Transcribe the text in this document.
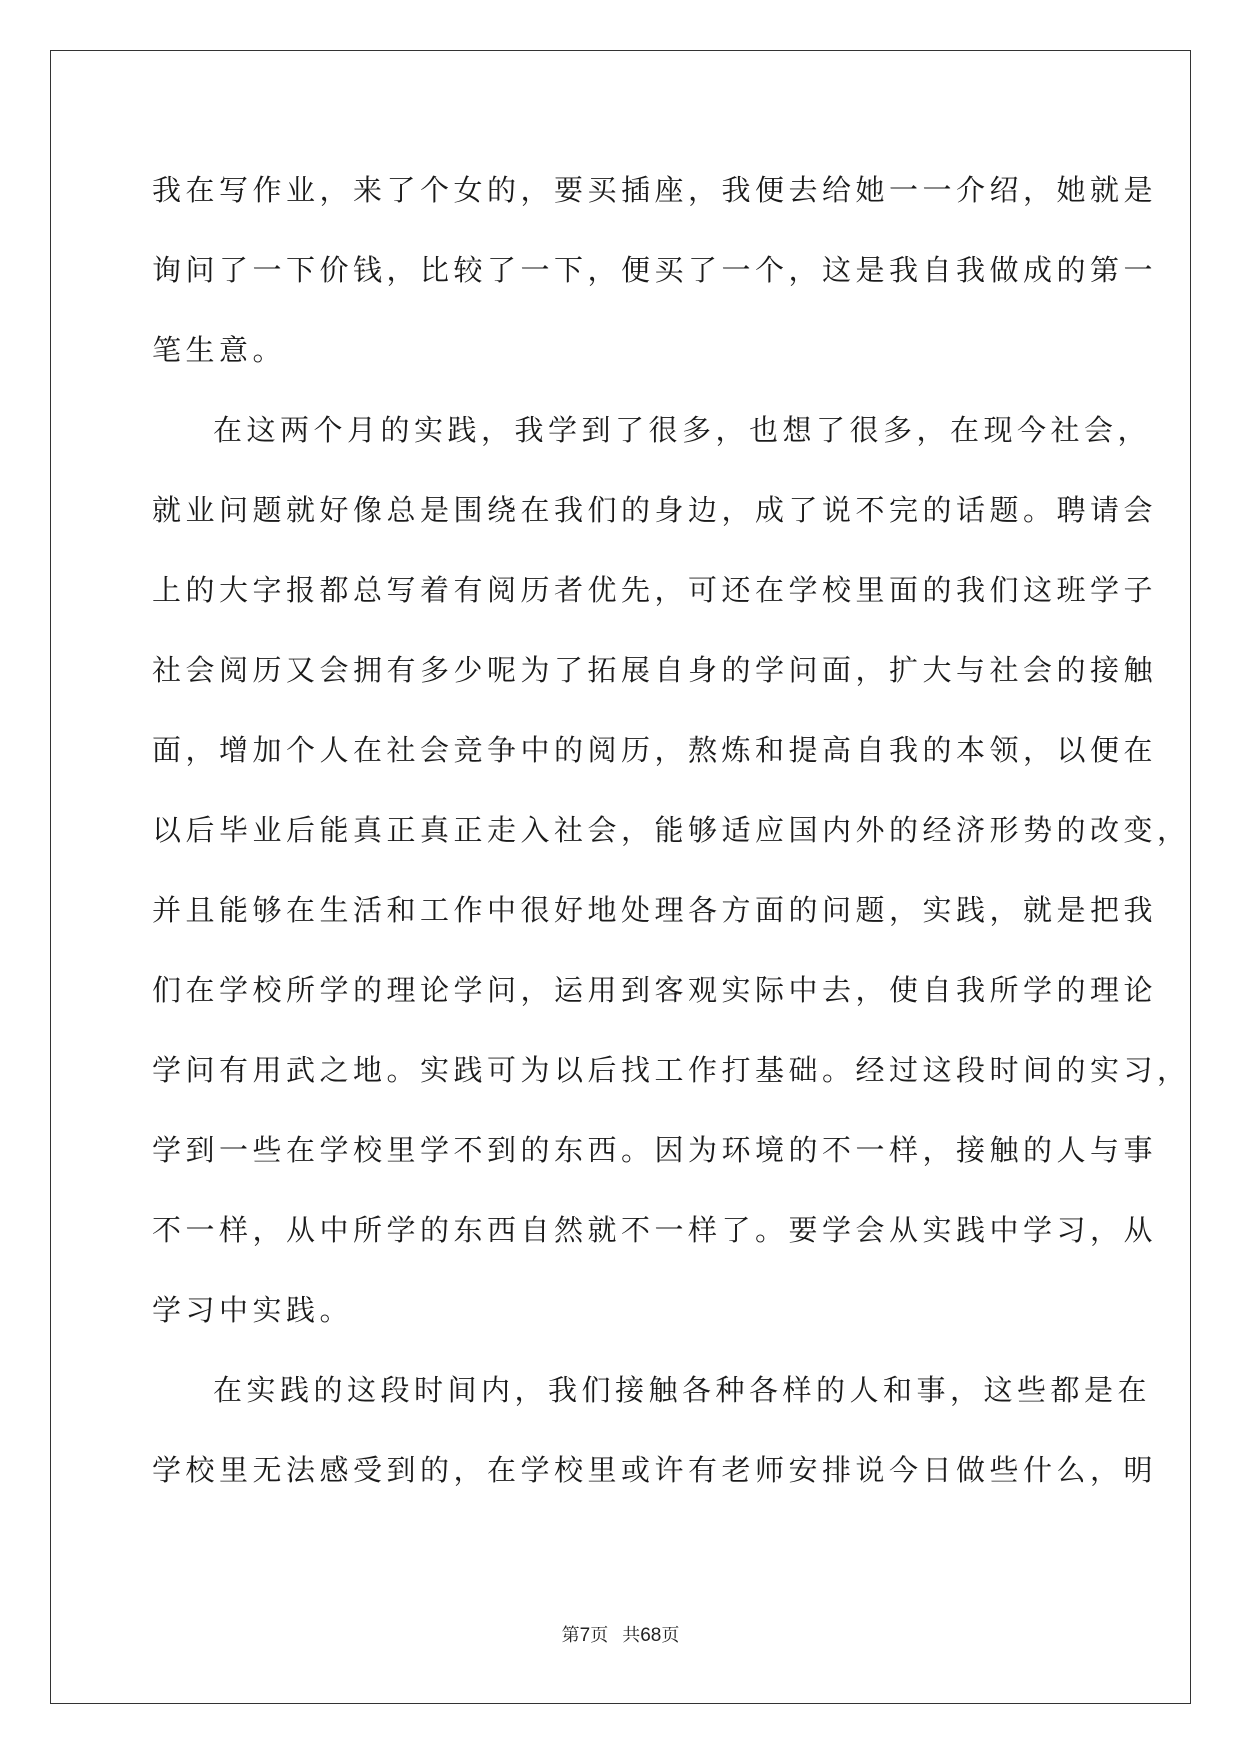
我在写作业，来了个女的，要买插座，我便去给她一一介绍，她就是
询问了一下价钱，比较了一下，便买了一个，这是我自我做成的第一
笔生意。
在这两个月的实践，我学到了很多，也想了很多，在现今社会，
就业问题就好像总是围绕在我们的身边，成了说不完的话题。聘请会
上的大字报都总写着有阅历者优先，可还在学校里面的我们这班学子
社会阅历又会拥有多少呢为了拓展自身的学问面，扩大与社会的接触
面，增加个人在社会竞争中的阅历，熬炼和提高自我的本领，以便在
以后毕业后能真正真正走入社会，能够适应国内外的经济形势的改变，
并且能够在生活和工作中很好地处理各方面的问题，实践，就是把我
们在学校所学的理论学问，运用到客观实际中去，使自我所学的理论
学问有用武之地。实践可为以后找工作打基础。经过这段时间的实习，
学到一些在学校里学不到的东西。因为环境的不一样，接触的人与事
不一样，从中所学的东西自然就不一样了。要学会从实践中学习，从
学习中实践。
在实践的这段时间内，我们接触各种各样的人和事，这些都是在
学校里无法感受到的，在学校里或许有老师安排说今日做些什么，明
第7页 共68页
